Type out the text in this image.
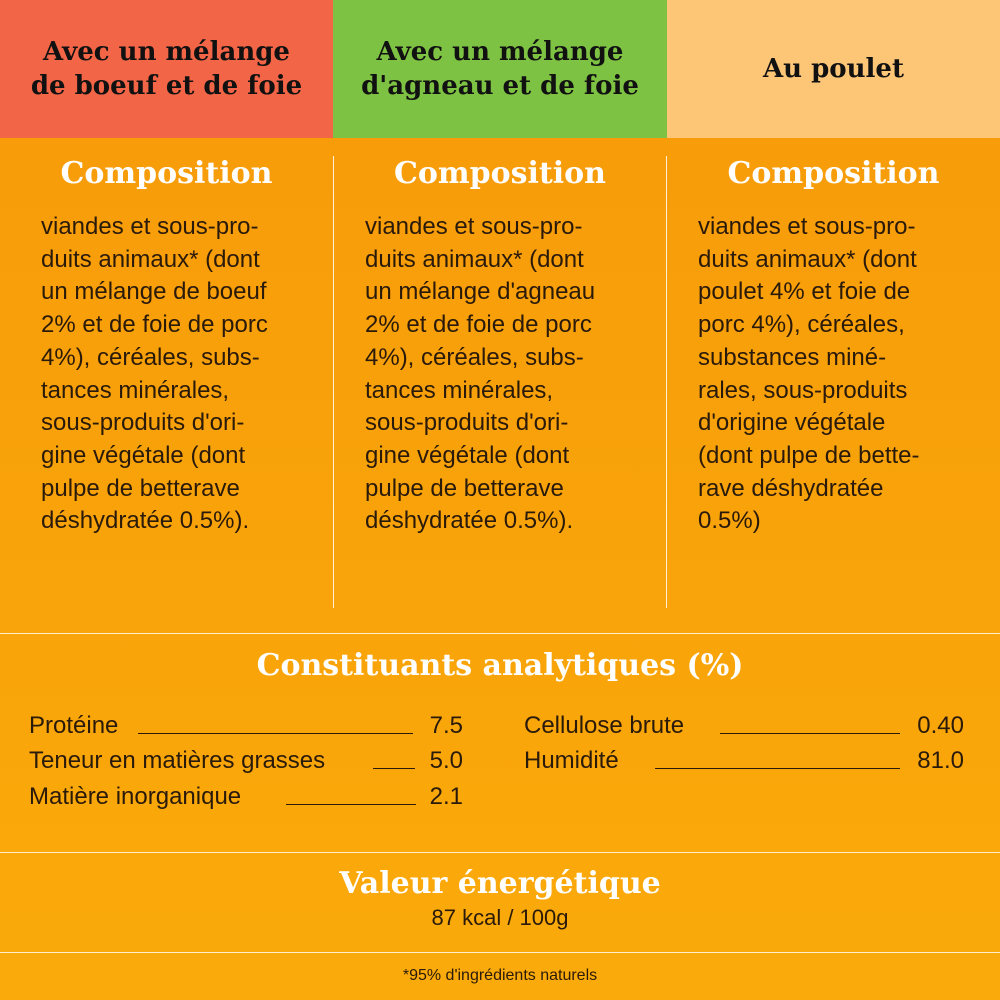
Avec un mélange
de boeuf et de foie
Avec un mélange
d'agneau et de foie
Au poulet
Composition
viandes et sous-pro-
duits animaux* (dont
un mélange de boeuf
2% et de foie de porc
4%), céréales, subs-
tances minérales,
sous-produits d'ori-
gine végétale (dont
pulpe de betterave
déshydratée 0.5%).
Composition
viandes et sous-pro-
duits animaux* (dont
un mélange d'agneau
2% et de foie de porc
4%), céréales, subs-
tances minérales,
sous-produits d'ori-
gine végétale (dont
pulpe de betterave
déshydratée 0.5%).
Composition
viandes et sous-pro-
duits animaux* (dont
poulet 4% et foie de
porc 4%), céréales,
substances miné-
rales, sous-produits
d'origine végétale
(dont pulpe de bette-
rave déshydratée
0.5%)
Constituants analytiques (%)
Protéine	7.5
Teneur en matières grasses	5.0
Matière inorganique	2.1
Cellulose brute	0.40
Humidité	81.0
Valeur énergétique
87 kcal / 100g
*95% d'ingrédients naturels
